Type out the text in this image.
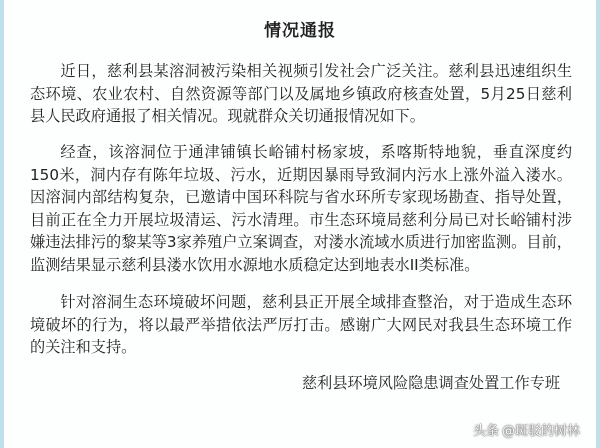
情况通报

近日，慈利县某溶洞被污染相关视频引发社会广泛关注。慈利县迅速组织生态环境、农业农村、自然资源等部门以及属地乡镇政府核查处置，5月25日慈利县人民政府通报了相关情况。现就群众关切通报情况如下。

经查，该溶洞位于通津铺镇长峪铺村杨家坡，系喀斯特地貌，垂直深度约150米，洞内存有陈年垃圾、污水，近期因暴雨导致洞内污水上涨外溢入溇水。因溶洞内部结构复杂，已邀请中国环科院与省水环所专家现场勘查、指导处置，目前正在全力开展垃圾清运、污水清理。市生态环境局慈利分局已对长峪铺村涉嫌违法排污的黎某等3家养殖户立案调查，对溇水流域水质进行加密监测。目前，监测结果显示慈利县溇水饮用水源地水质稳定达到地表水II类标准。

针对溶洞生态环境破坏问题，慈利县正开展全域排查整治，对于造成生态环境破坏的行为，将以最严举措依法严厉打击。感谢广大网民对我县生态环境工作的关注和支持。

慈利县环境风险隐患调查处置工作专班
头条 @斑驳的树林
